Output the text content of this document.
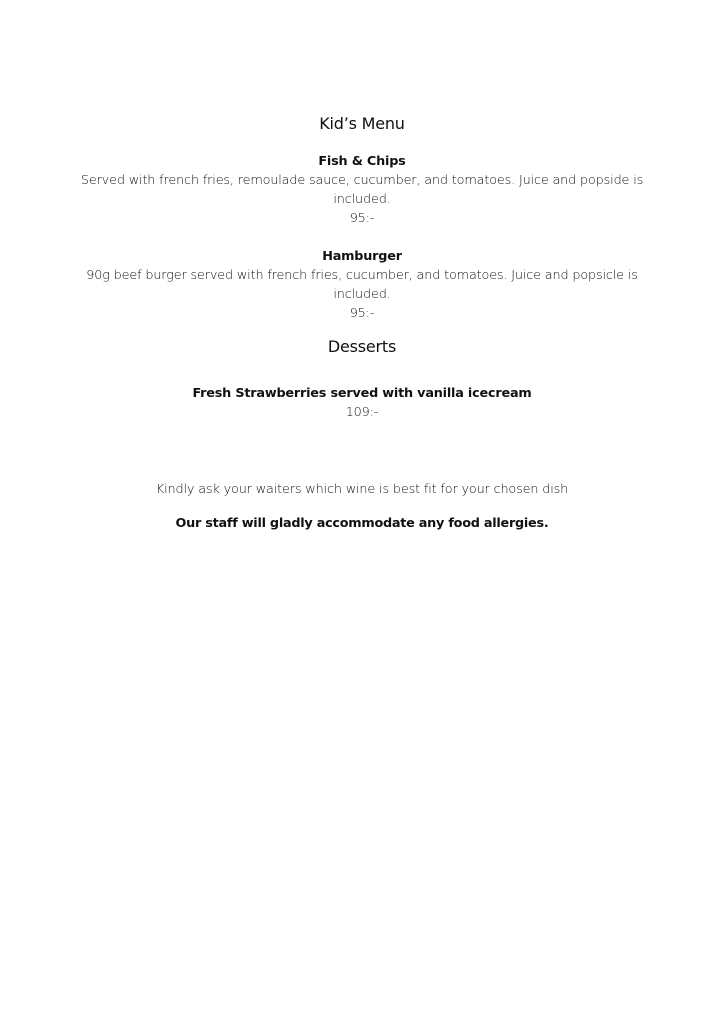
Kid’s Menu

Fish & Chips

Served with french fries, remoulade sauce, cucumber, and tomatoes. Juice and popside is included.

95:-

Hamburger

90g beef burger served with french fries, cucumber, and tomatoes. Juice and popsicle is included.

95:-

Desserts

Fresh Strawberries served with vanilla icecream

109:-

Kindly ask your waiters which wine is best fit for your chosen dish

Our staff will gladly accommodate any food allergies.
